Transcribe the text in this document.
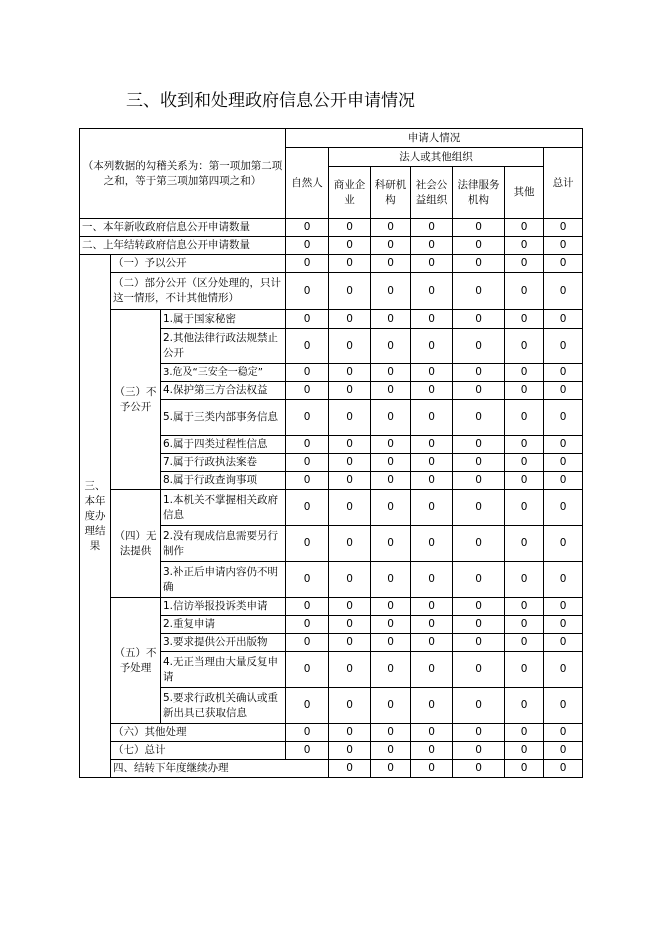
三、收到和处理政府信息公开申请情况
（本列数据的勾稽关系为：第一项加第二项之和，等于第三项加第四项之和）			申请人情况							
			自然人	法人或其他组织					总计	
				商业企业	科研机构	社会公益组织	法律服务机构	其他		

一、本年新收政府信息公开申请数量			0	0	0	0	0	0	0	
二、上年结转政府信息公开申请数量			0	0	0	0	0	0	0	
三、本年度办理结果	（一）予以公开		0	0	0	0	0	0	0	
	（二）部分公开（区分处理的，只计这一情形，不计其他情形）		0	0	0	0	0	0	0	
	（三）不予公开	1.属于国家秘密	0	0	0	0	0	0	0	
		2.其他法律行政法规禁止公开	0	0	0	0	0	0	0	
		3.危及“三安全一稳定”	0	0	0	0	0	0	0	
		4.保护第三方合法权益	0	0	0	0	0	0	0	
		5.属于三类内部事务信息	0	0	0	0	0	0	0	
		6.属于四类过程性信息	0	0	0	0	0	0	0	
		7.属于行政执法案卷	0	0	0	0	0	0	0	
		8.属于行政查询事项	0	0	0	0	0	0	0	
	（四）无法提供	1.本机关不掌握相关政府信息	0	0	0	0	0	0	0	
		2.没有现成信息需要另行制作	0	0	0	0	0	0	0	
		3.补正后申请内容仍不明确	0	0	0	0	0	0	0	
	（五）不予处理	1.信访举报投诉类申请	0	0	0	0	0	0	0	
		2.重复申请	0	0	0	0	0	0	0	
		3.要求提供公开出版物	0	0	0	0	0	0	0	
		4.无正当理由大量反复申请	0	0	0	0	0	0	0	
		5.要求行政机关确认或重新出具已获取信息	0	0	0	0	0	0	0	
	（六）其他处理		0	0	0	0	0	0	0	
	（七）总计		0	0	0	0	0	0	0	
	四、结转下年度继续办理			0	0	0	0	0	0	
